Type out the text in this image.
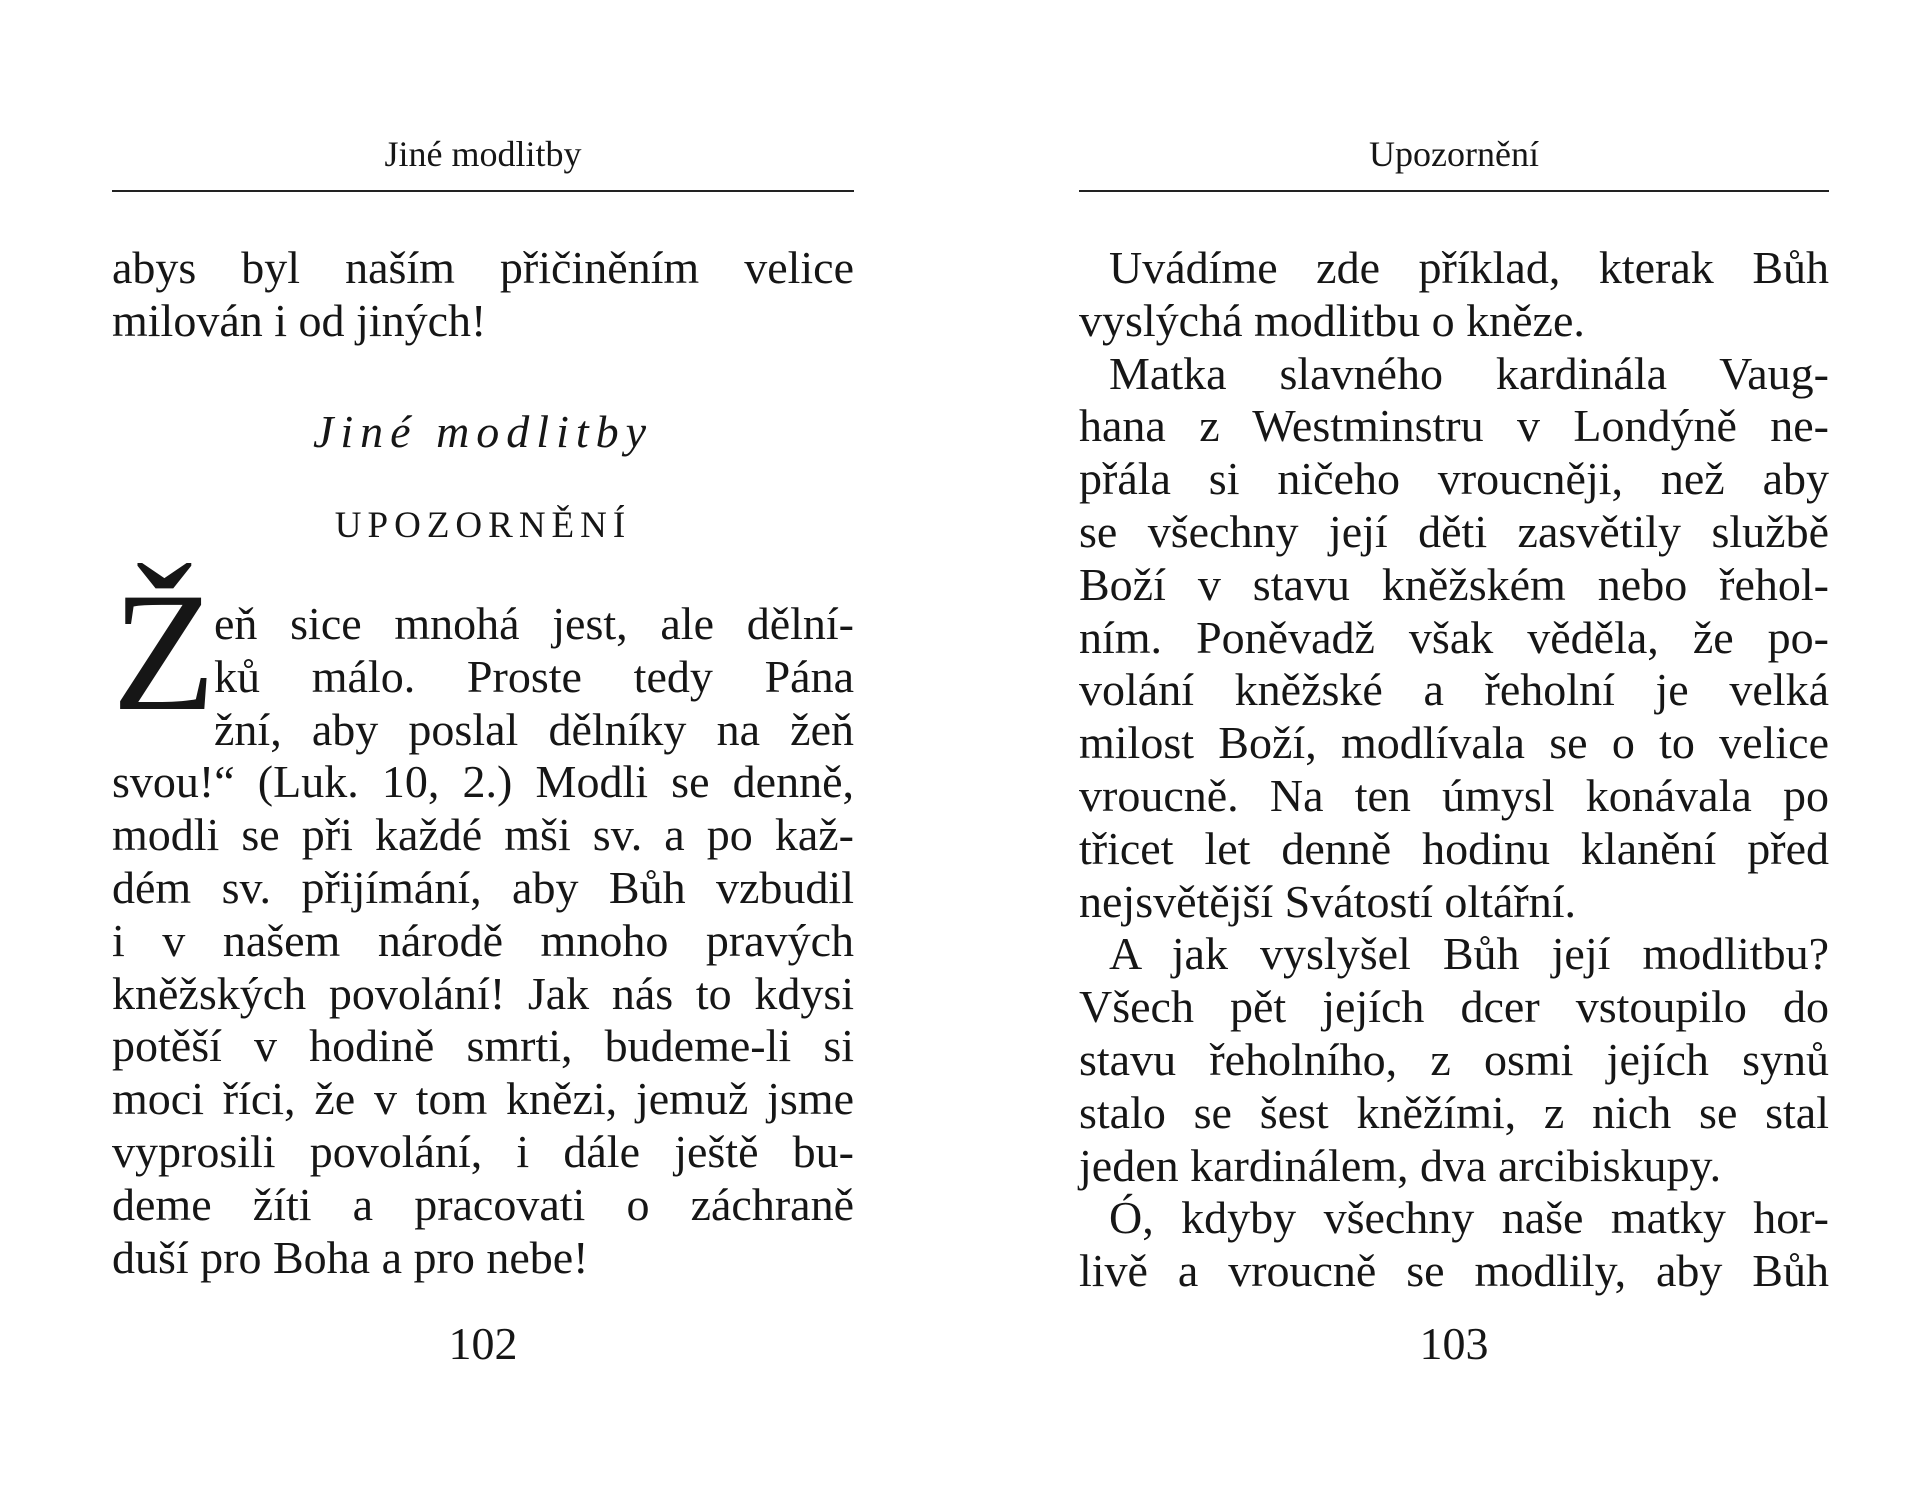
Jiné modlitby
abys byl naším přičiněním velice
milován i od jiných!
Jiné modlitby
UPOZORNĚNÍ
Ž
eň sice mnohá jest, ale dělní-
ků málo. Proste tedy Pána
žní, aby poslal dělníky na žeň
svou!“ (Luk. 10, 2.) Modli se denně,
modli se při každé mši sv. a po kaž-
dém sv. přijímání, aby Bůh vzbudil
i v našem národě mnoho pravých
kněžských povolání! Jak nás to kdysi
potěší v hodině smrti, budeme-li si
moci říci, že v tom knězi, jemuž jsme
vyprosili povolání, i dále ještě bu-
deme žíti a pracovati o záchraně
duší pro Boha a pro nebe!
102
Upozornění
Uvádíme zde příklad, kterak Bůh
vyslýchá modlitbu o kněze.
Matka slavného kardinála Vaug-
hana z Westminstru v Londýně ne-
přála si ničeho vroucněji, než aby
se všechny její děti zasvětily službě
Boží v stavu kněžském nebo řehol-
ním. Poněvadž však věděla, že po-
volání kněžské a řeholní je velká
milost Boží, modlívala se o to velice
vroucně. Na ten úmysl konávala po
třicet let denně hodinu klanění před
nejsvětější Svátostí oltářní.
A jak vyslyšel Bůh její modlitbu?
Všech pět jejích dcer vstoupilo do
stavu řeholního, z osmi jejích synů
stalo se šest kněžími, z nich se stal
jeden kardinálem, dva arcibiskupy.
Ó, kdyby všechny naše matky hor-
livě a vroucně se modlily, aby Bůh
103
